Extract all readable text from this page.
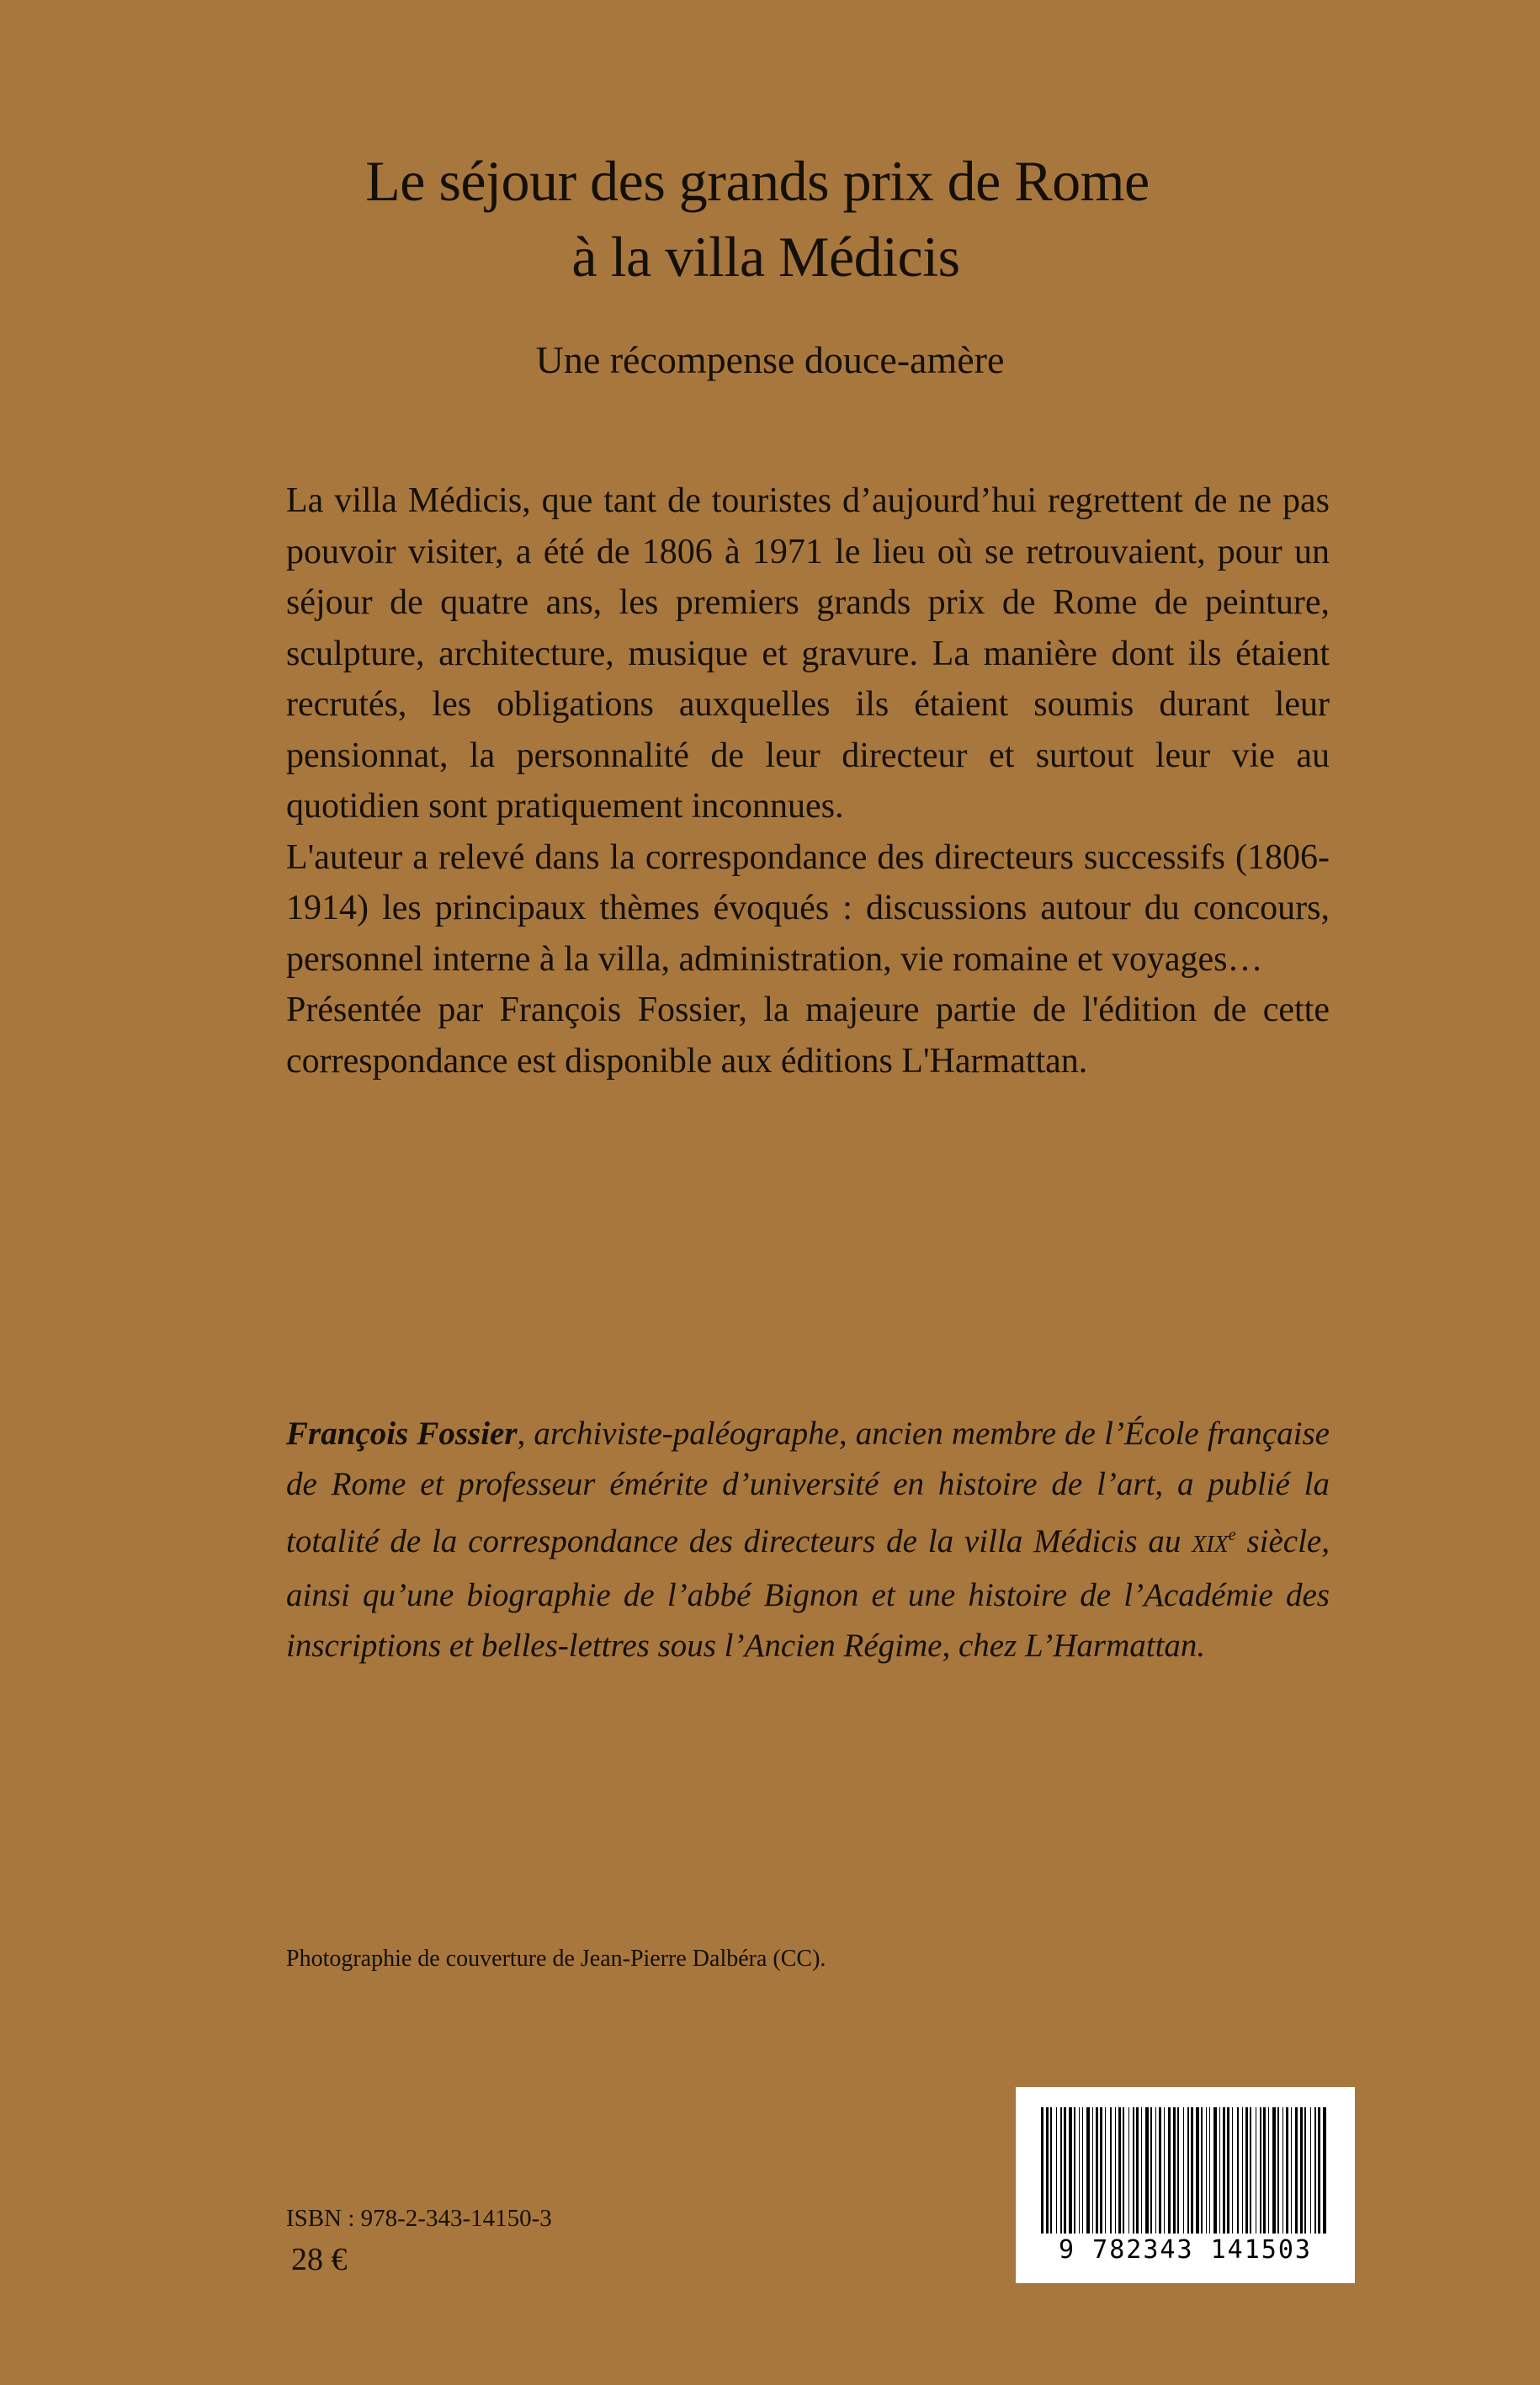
Le séjour des grands prix de Rome
à la villa Médicis
Une récompense douce-amère

La villa Médicis, que tant de touristes d’aujourd’hui regrettent de ne pas pouvoir visiter, a été de 1806 à 1971 le lieu où se retrouvaient, pour un séjour de quatre ans, les premiers grands prix de Rome de peinture, sculpture, architecture, musique et gravure. La manière dont ils étaient recrutés, les obligations auxquelles ils étaient soumis durant leur pensionnat, la personnalité de leur directeur et surtout leur vie au quotidien sont pratiquement inconnues.

L'auteur a relevé dans la correspondance des directeurs successifs (1806-1914) les principaux thèmes évoqués : discussions autour du concours, personnel interne à la villa, administration, vie romaine et voyages…

Présentée par François Fossier, la majeure partie de l'édition de cette correspondance est disponible aux éditions L'Harmattan.

François Fossier, archiviste-paléographe, ancien membre de l’École française de Rome et professeur émérite d’université en histoire de l’art, a publié la totalité de la correspondance des directeurs de la villa Médicis au XIXe siècle, ainsi qu’une biographie de l’abbé Bignon et une histoire de l’Académie des inscriptions et belles-lettres sous l’Ancien Régime, chez L’Harmattan.
Photographie de couverture de Jean-Pierre Dalbéra (CC).
ISBN : 978-2-343-14150-3
28 €	9 782343 141503
